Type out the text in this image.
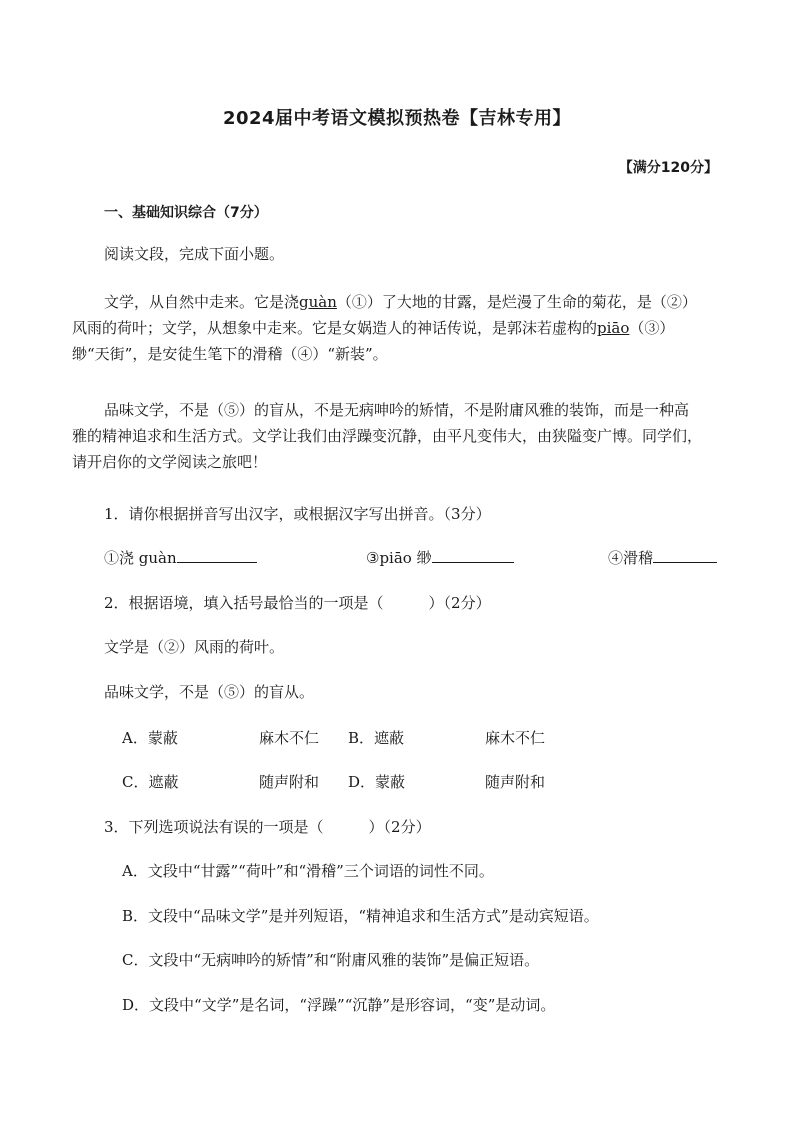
2024届中考语文模拟预热卷【吉林专用】
【满分120分】
一、基础知识综合（7分）
阅读文段，完成下面小题。
文学，从自然中走来。它是浇guàn（①）了大地的甘露，是烂漫了生命的菊花，是（②）
风雨的荷叶；文学，从想象中走来。它是女娲造人的神话传说，是郭沫若虚构的piāo（③）
缈“天街”，是安徒生笔下的滑稽（④）“新装”。
品味文学，不是（⑤）的盲从，不是无病呻吟的矫情，不是附庸风雅的装饰，而是一种高
雅的精神追求和生活方式。文学让我们由浮躁变沉静，由平凡变伟大，由狭隘变广博。同学们，
请开启你的文学阅读之旅吧！
1．请你根据拼音写出汉字，或根据汉字写出拼音。（3分）
①浇 guàn	③piāo 缈	④滑稽
2．根据语境，填入括号最恰当的一项是（　　　）（2分）
文学是（②）风雨的荷叶。
品味文学，不是（⑤）的盲从。
A．蒙蔽	麻木不仁 B．遮蔽	麻木不仁
C．遮蔽	随声附和 D．蒙蔽	随声附和
3．下列选项说法有误的一项是（　　　）（2分）
A．文段中“甘露”“荷叶”和“滑稽”三个词语的词性不同。
B．文段中“品味文学”是并列短语，“精神追求和生活方式”是动宾短语。
C．文段中“无病呻吟的矫情”和“附庸风雅的装饰”是偏正短语。
D．文段中“文学”是名词，“浮躁”“沉静”是形容词，“变”是动词。
